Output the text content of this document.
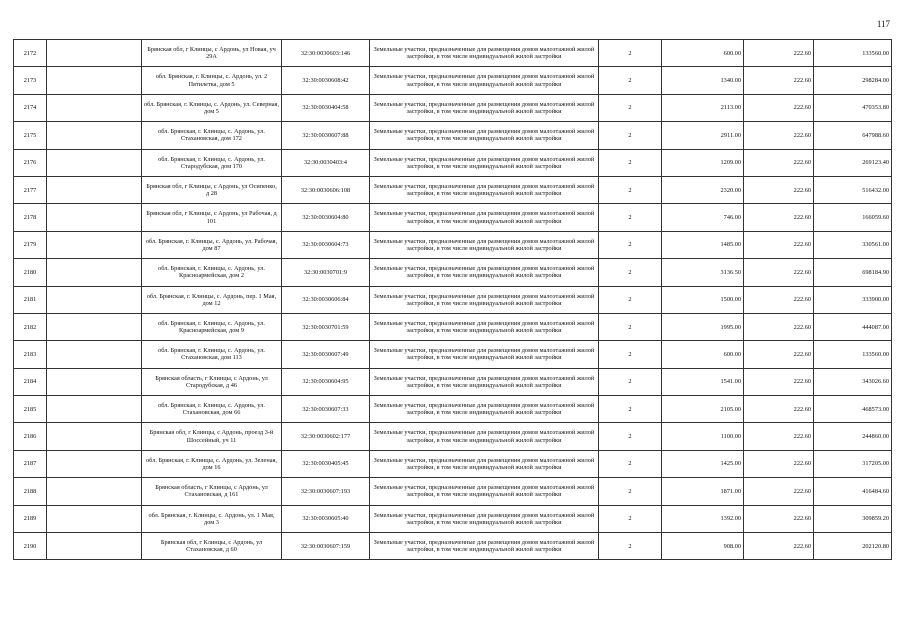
117
2172		Брянская обл, г Клинцы, с Ардонь, ул Новая, уч 29А	32:30:0030603:146	Земельные участки, предназначенные для размещения домов малоэтажной жилой застройки, в том числе индивидуальной жилой застройки	2	600.00	222.60	133560.00
2173		обл. Брянская, г. Клинцы, с. Ардонь, ул. 2 Пятилетка, дом 5	32:30:0030608:42	Земельные участки, предназначенные для размещения домов малоэтажной жилой застройки, в том числе индивидуальной жилой застройки	2	1340.00	222.60	298284.00
2174		обл. Брянская, г. Клинцы, с. Ардонь, ул. Северная, дом 5	32:30:0030404:58	Земельные участки, предназначенные для размещения домов малоэтажной жилой застройки, в том числе индивидуальной жилой застройки	2	2113.00	222.60	470353.80
2175		обл. Брянская, г. Клинцы, с. Ардонь, ул. Стахановская, дом 172	32:30:0030607:88	Земельные участки, предназначенные для размещения домов малоэтажной жилой застройки, в том числе индивидуальной жилой застройки	2	2911.00	222.60	647988.60
2176		обл. Брянская, г. Клинцы, с. Ардонь, ул. Стародубская, дом 170	32:30:0030403:4	Земельные участки, предназначенные для размещения домов малоэтажной жилой застройки, в том числе индивидуальной жилой застройки	2	1209.00	222.60	269123.40
2177		Брянская обл, г Клинцы, с Ардонь, ул Осипенко, д 28	32:30:0030606:108	Земельные участки, предназначенные для размещения домов малоэтажной жилой застройки, в том числе индивидуальной жилой застройки	2	2320.00	222.60	516432.00
2178		Брянская обл, г Клинцы, с Ардонь, ул Рабочая, д 101	32:30:0030604:80	Земельные участки, предназначенные для размещения домов малоэтажной жилой застройки, в том числе индивидуальной жилой застройки	2	746.00	222.60	166059.60
2179		обл. Брянская, г. Клинцы, с. Ардонь, ул. Рабочая, дом 87	32:30:0030604:73	Земельные участки, предназначенные для размещения домов малоэтажной жилой застройки, в том числе индивидуальной жилой застройки	2	1485.00	222.60	330561.00
2180		обл. Брянская, г. Клинцы, с. Ардонь, ул. Красноармейская, дом 2	32:30:0030701:9	Земельные участки, предназначенные для размещения домов малоэтажной жилой застройки, в том числе индивидуальной жилой застройки	2	3136.50	222.60	698184.90
2181		обл. Брянская, г. Клинцы, с. Ардонь, пер. 1 Мая, дом 12	32:30:0030606:84	Земельные участки, предназначенные для размещения домов малоэтажной жилой застройки, в том числе индивидуальной жилой застройки	2	1500.00	222.60	333900.00
2182		обл. Брянская, г. Клинцы, с. Ардонь, ул. Красноармейская, дом 9	32:30:0030701:59	Земельные участки, предназначенные для размещения домов малоэтажной жилой застройки, в том числе индивидуальной жилой застройки	2	1995.00	222.60	444087.00
2183		обл. Брянская, г. Клинцы, с. Ардонь, ул. Стахановская, дом 113	32:30:0030607:49	Земельные участки, предназначенные для размещения домов малоэтажной жилой застройки, в том числе индивидуальной жилой застройки	2	600.00	222.60	133560.00
2184		Брянская область, г Клинцы, с Ардонь, ул Стародубская, д 46	32:30:0030604:95	Земельные участки, предназначенные для размещения домов малоэтажной жилой застройки, в том числе индивидуальной жилой застройки	2	1541.00	222.60	343026.60
2185		обл. Брянская, г. Клинцы, с. Ардонь, ул. Стахановская, дом 66	32:30:0030607:33	Земельные участки, предназначенные для размещения домов малоэтажной жилой застройки, в том числе индивидуальной жилой застройки	2	2105.00	222.60	468573.00
2186		Брянская обл, г Клинцы, с Ардонь, проезд 3-й Шоссейный, уч 11	32:30:0030602:177	Земельные участки, предназначенные для размещения домов малоэтажной жилой застройки, в том числе индивидуальной жилой застройки	2	1100.00	222.60	244860.00
2187		обл. Брянская, г. Клинцы, с. Ардонь, ул. Зеленая, дом 16	32:30:0030405:45	Земельные участки, предназначенные для размещения домов малоэтажной жилой застройки, в том числе индивидуальной жилой застройки	2	1425.00	222.60	317205.00
2188		Брянская область, г Клинцы, с Ардонь, ул Стахановская, д 161	32:30:0030607:193	Земельные участки, предназначенные для размещения домов малоэтажной жилой застройки, в том числе индивидуальной жилой застройки	2	1871.00	222.60	416484.60
2189		обл. Брянская, г. Клинцы, с. Ардонь, ул. 1 Мая, дом 3	32:30:0030605:40	Земельные участки, предназначенные для размещения домов малоэтажной жилой застройки, в том числе индивидуальной жилой застройки	2	1392.00	222.60	309859.20
2190		Брянская обл, г Клинцы, с Ардонь, ул Стахановская, д 60	32:30:0030607:159	Земельные участки, предназначенные для размещения домов малоэтажной жилой застройки, в том числе индивидуальной жилой застройки	2	908.00	222.60	202120.80
